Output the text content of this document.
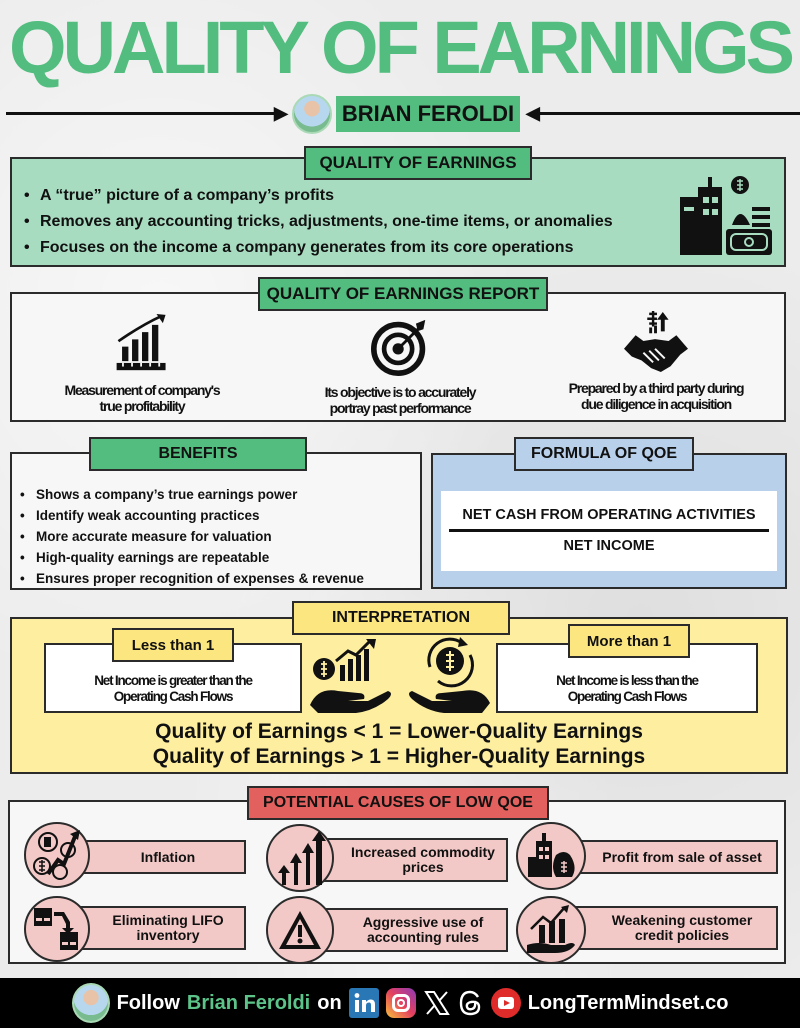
QUALITY OF EARNINGS
▶ BRIAN FEROLDI ◀
• A “true” picture of a company’s profits
• Removes any accounting tricks, adjustments, one-time items, or anomalies
• Focuses on the income a company generates from its core operations
QUALITY OF EARNINGS
Measurement of company's
true profitability
Its objective is to accurately
portray past performance
Prepared by a third party during
due diligence in acquisition
QUALITY OF EARNINGS REPORT
• Shows a company’s true earnings power
• Identify weak accounting practices
• More accurate measure for valuation
• High-quality earnings are repeatable
• Ensures proper recognition of expenses & revenue
BENEFITS
NET CASH FROM OPERATING ACTIVITIES
NET INCOME
FORMULA OF QOE
Net Income is greater than the
Operating Cash Flows
Less than 1
Net Income is less than the
Operating Cash Flows
More than 1
Quality of Earnings < 1 = Lower-Quality Earnings
Quality of Earnings > 1 = Higher-Quality Earnings
INTERPRETATION
Inflation	Increased commodity
prices
Profit from sale of asset
Eliminating LIFO
inventory
Aggressive use of
accounting rules
Weakening customer
credit policies
POTENTIAL CAUSES OF LOW QOE
Follow Brian Feroldi on	LongTermMindset.co
